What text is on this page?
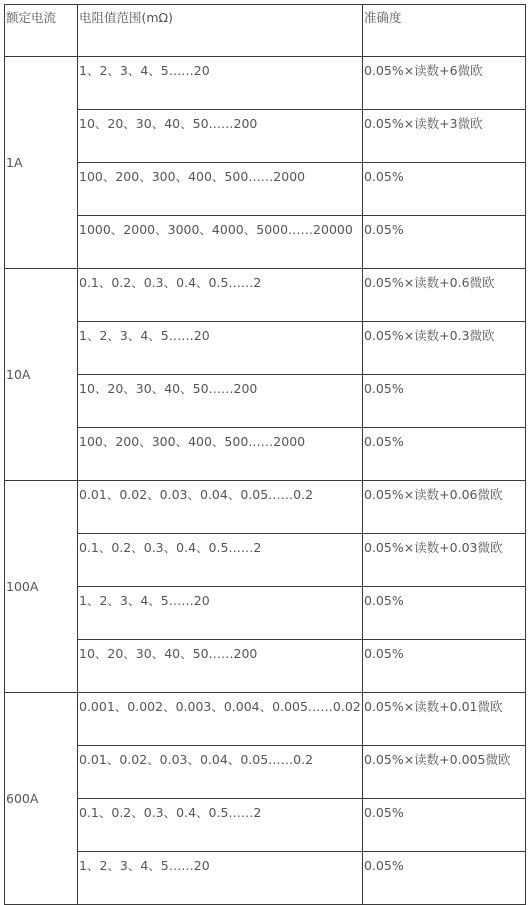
额定电流	电阻值范围(mΩ)	准确度
1A	1、2、3、4、5……20	0.05%×读数+6微欧
	10、20、30、40、50……200	0.05%×读数+3微欧
	100、200、300、400、500……2000	0.05%
	1000、2000、3000、4000、5000……20000	0.05%
10A	0.1、0.2、0.3、0.4、0.5……2	0.05%×读数+0.6微欧
	1、2、3、4、5……20	0.05%×读数+0.3微欧
	10、20、30、40、50……200	0.05%
	100、200、300、400、500……2000	0.05%
100A	0.01、0.02、0.03、0.04、0.05……0.2	0.05%×读数+0.06微欧
	0.1、0.2、0.3、0.4、0.5……2	0.05%×读数+0.03微欧
	1、2、3、4、5……20	0.05%
	10、20、30、40、50……200	0.05%
600A	0.001、0.002、0.003、0.004、0.005……0.02	0.05%×读数+0.01微欧
	0.01、0.02、0.03、0.04、0.05……0.2	0.05%×读数+0.005微欧
	0.1、0.2、0.3、0.4、0.5……2	0.05%
	1、2、3、4、5……20	0.05%
